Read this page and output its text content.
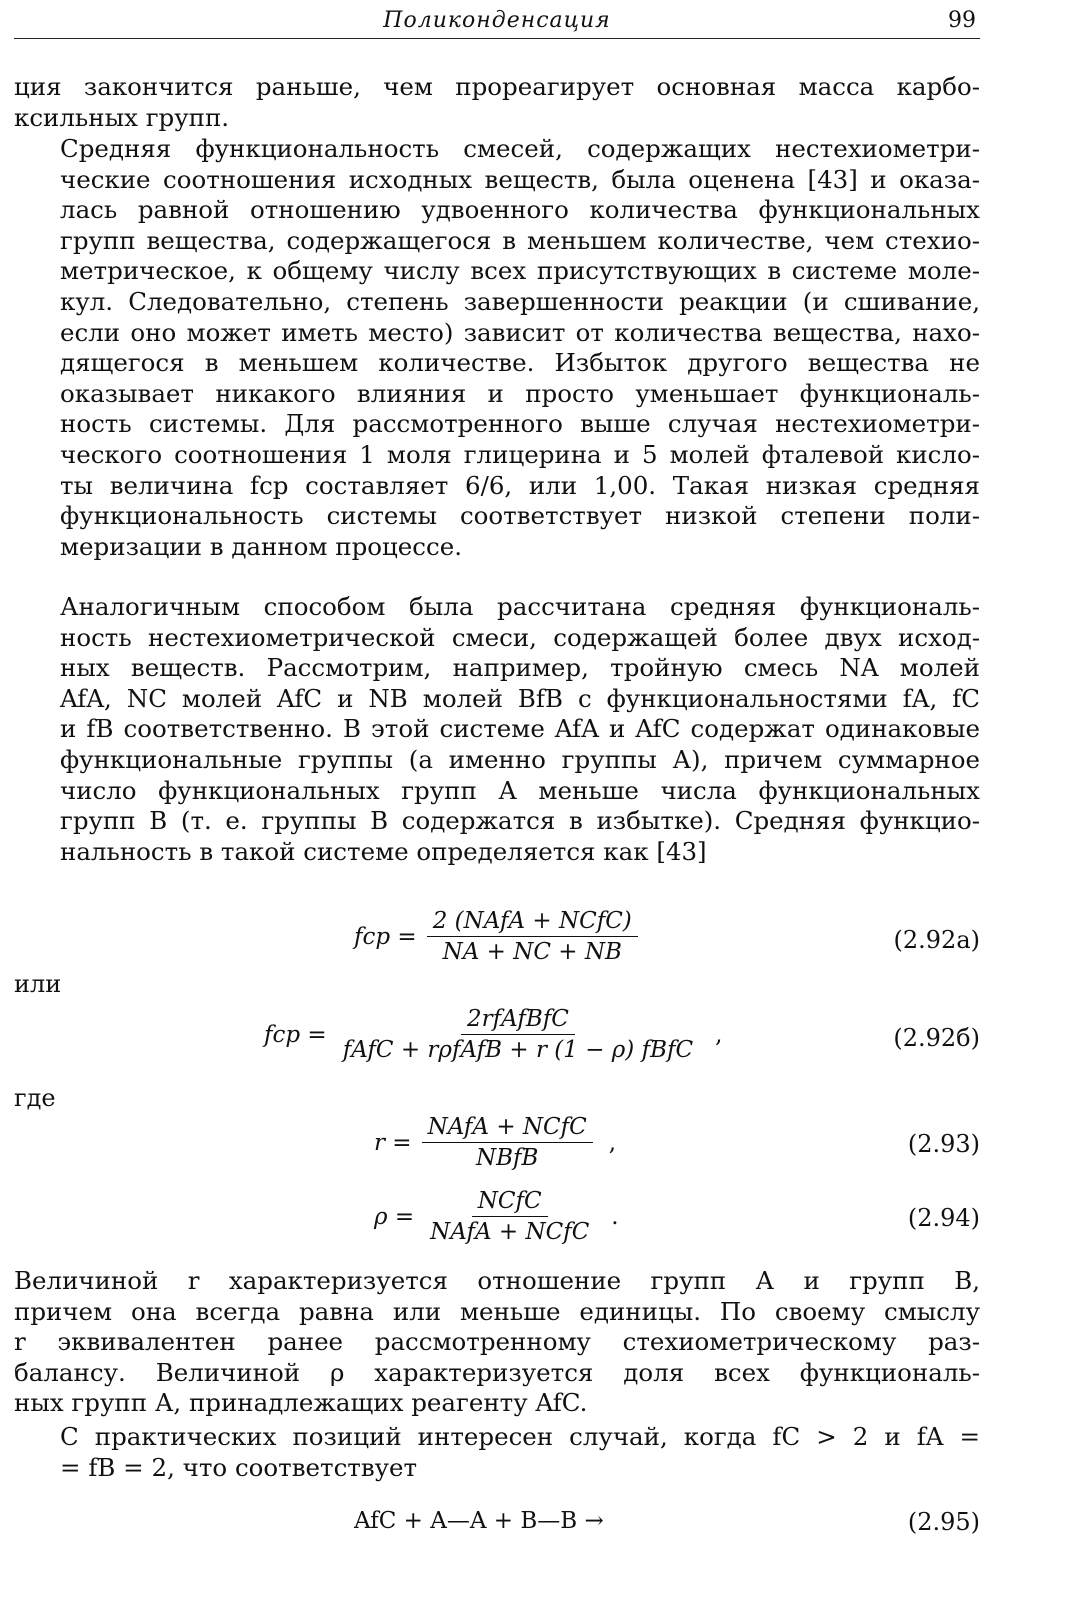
Поликонденсация	99

ция закончится раньше, чем прореагирует основная масса карбо-
ксильных групп.

Средняя функциональность смесей, содержащих нестехиометри-
ческие соотношения исходных веществ, была оценена [43] и оказа-
лась равной отношению удвоенного количества функциональных
групп вещества, содержащегося в меньшем количестве, чем стехио-
метрическое, к общему числу всех присутствующих в системе моле-
кул. Следовательно, степень завершенности реакции (и сшивание,
если оно может иметь место) зависит от количества вещества, нахо-
дящегося в меньшем количестве. Избыток другого вещества не
оказывает никакого влияния и просто уменьшает функциональ-
ность системы. Для рассмотренного выше случая нестехиометри-
ческого соотношения 1 моля глицерина и 5 молей фталевой кисло-
ты величина fср составляет 6/6, или 1,00. Такая низкая средняя
функциональность системы соответствует низкой степени поли-
меризации в данном процессе.

Аналогичным способом была рассчитана средняя функциональ-
ность нестехиометрической смеси, содержащей более двух исход-
ных веществ. Рассмотрим, например, тройную смесь NA молей
AfA, NC молей AfC и NB молей BfB с функциональностями fA, fC
и fB соответственно. В этой системе AfA и AfC содержат одинаковые
функциональные группы (а именно группы А), причем суммарное
число функциональных групп А меньше числа функциональных
групп В (т. е. группы В содержатся в избытке). Средняя функцио-
нальность в такой системе определяется как [43]

fср = $\frac{\text{2 (NAfA + NCfC)}}{NA + NC + NB}$	(2.92а)
или
fср = $\frac{\text{2rfAfBfC}}{\text{fAfC + rρfAfB + r (1 − ρ) fBfC}}$ ,	(2.92б)
где
$r = \frac{\text{NAfA + NCfC}}{\text{NBfB}}$ ,	(2.93)
$\rho = \frac{\text{NCfC}}{\text{NAfA + NCfC}}$ .	(2.94)

Величиной r характеризуется отношение групп А и групп В,
причем она всегда равна или меньше единицы. По своему смыслу
r эквивалентен ранее рассмотренному стехиометрическому раз-
балансу. Величиной ρ характеризуется доля всех функциональ-
ных групп А, принадлежащих реагенту AfC.

С практических позиций интересен случай, когда fC > 2 и fA =
= fB = 2, что соответствует

AfC + A—A + B—B →	(2.95)
